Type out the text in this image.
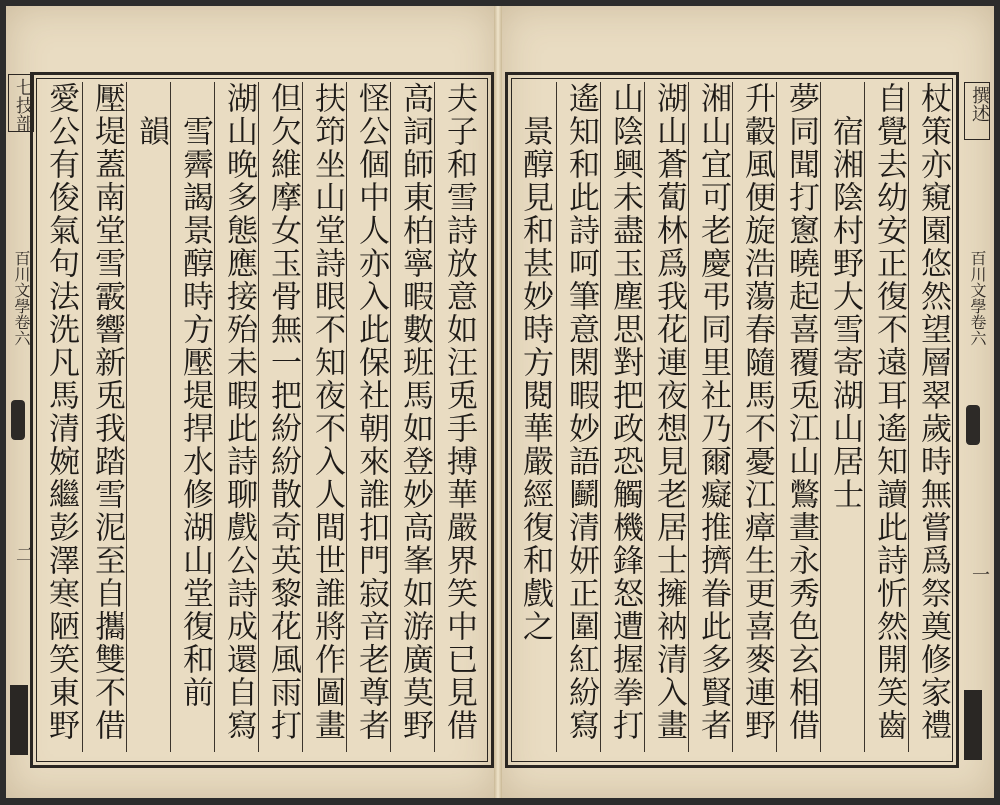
七技部
百川文學卷六
二	夫子和雪詩放意如汪兎手搏華嚴界笑中已見借
高詞師東柏寧暇數班馬如登妙高峯如游廣莫野
怪公個中人亦入此保社朝來誰扣門寂音老尊者
扶笻坐山堂詩眼不知夜不入人間世誰將作圖畫
但欠維摩女玉骨無一把紛紛散奇英黎花風雨打
湖山晚多態應接殆未暇此詩聊戲公詩成還自寫
　雪霽謁景醇時方壓堤捍水修湖山堂復和前
　韻
壓堤蓋南堂雪霰響新兎我踏雪泥至自攜雙不借
愛公有俊氣句法洗凡馬清婉繼彭澤寒陋笑東野	撰述
百川文學卷六
一
杖策亦窺園悠然望層翠歲時無嘗爲祭奠修家禮
自覺去幼安正復不遠耳遙知讀此詩忻然開笑齒
　宿湘陰村野大雪寄湖山居士
夢同聞打窻曉起喜覆兎江山鷩晝永秀色玄相借
升轂風便旋浩蕩春隨馬不憂江瘴生更喜麥連野
湘山宜可老慶弔同里社乃爾癡推擠眷此多賢者
湖山蒼蔔林爲我花連夜想見老居士擁衲清入畫
山陰興未盡玉塵思對把政恐觸機鋒怒遭握拳打
遙知和此詩呵筆意閑暇妙語鬬清妍正圍紅紛寫
　景醇見和甚妙時方閱華嚴經復和戲之
